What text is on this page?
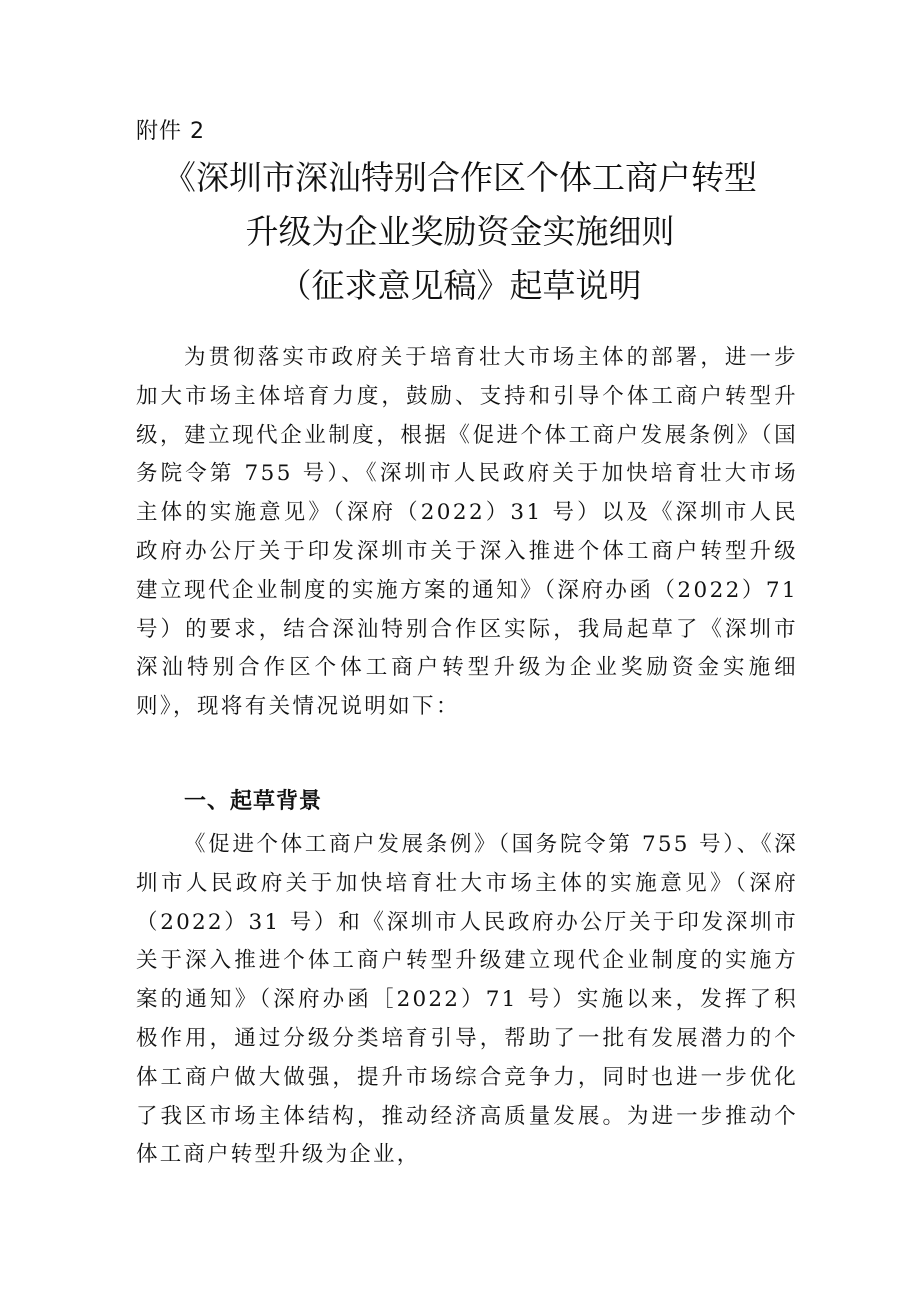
附件 2
《深圳市深汕特别合作区个体工商户转型
升级为企业奖励资金实施细则
（征求意见稿》起草说明

为贯彻落实市政府关于培育壮大市场主体的部署，进一步加大市场主体培育力度，鼓励、支持和引导个体工商户转型升级，建立现代企业制度，根据《促进个体工商户发展条例》（国务院令第 755 号）、《深圳市人民政府关于加快培育壮大市场主体的实施意见》（深府（2022）31 号）以及《深圳市人民政府办公厅关于印发深圳市关于深入推进个体工商户转型升级建立现代企业制度的实施方案的通知》（深府办函（2022）71 号）的要求，结合深汕特别合作区实际，我局起草了《深圳市深汕特别合作区个体工商户转型升级为企业奖励资金实施细则》，现将有关情况说明如下：

一、起草背景

《促进个体工商户发展条例》（国务院令第 755 号）、《深圳市人民政府关于加快培育壮大市场主体的实施意见》（深府（2022）31 号）和《深圳市人民政府办公厅关于印发深圳市关于深入推进个体工商户转型升级建立现代企业制度的实施方案的通知》（深府办函［2022）71 号）实施以来，发挥了积极作用，通过分级分类培育引导，帮助了一批有发展潜力的个体工商户做大做强，提升市场综合竞争力，同时也进一步优化了我区市场主体结构，推动经济高质量发展。为进一步推动个体工商户转型升级为企业，
